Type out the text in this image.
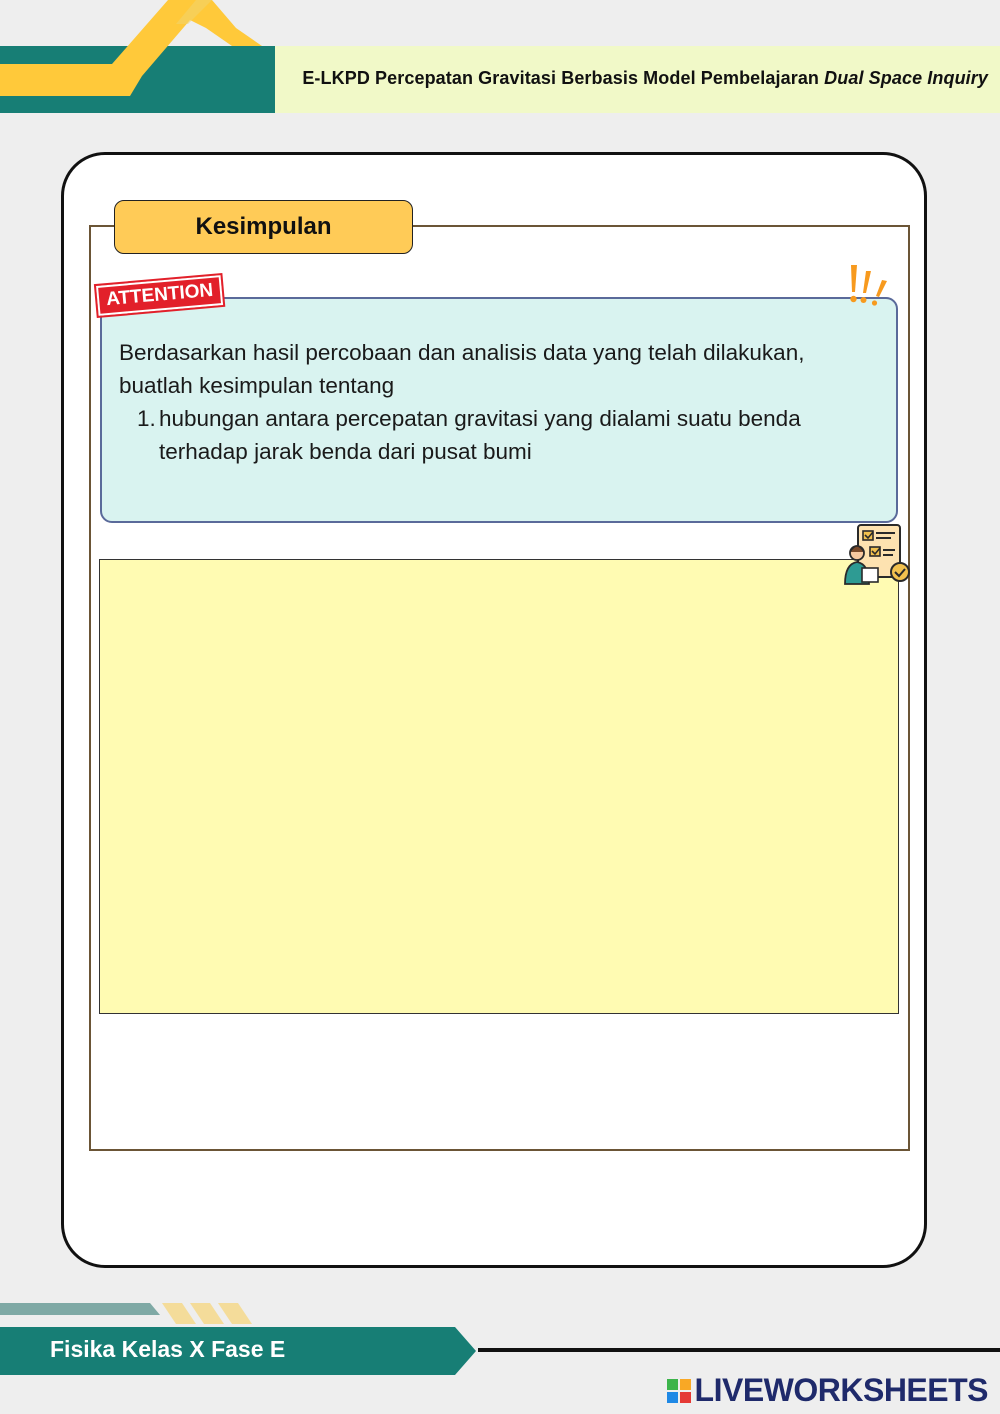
E-LKPD Percepatan Gravitasi Berbasis Model Pembelajaran Dual Space Inquiry
Kesimpulan

Berdasarkan hasil percobaan dan analisis data yang telah dilakukan, buatlah kesimpulan tentang

1. hubungan antara percepatan gravitasi yang dialami suatu benda terhadap jarak benda dari pusat bumi
ATTENTION
Fisika Kelas X Fase E
LIVEWORKSHEETS
